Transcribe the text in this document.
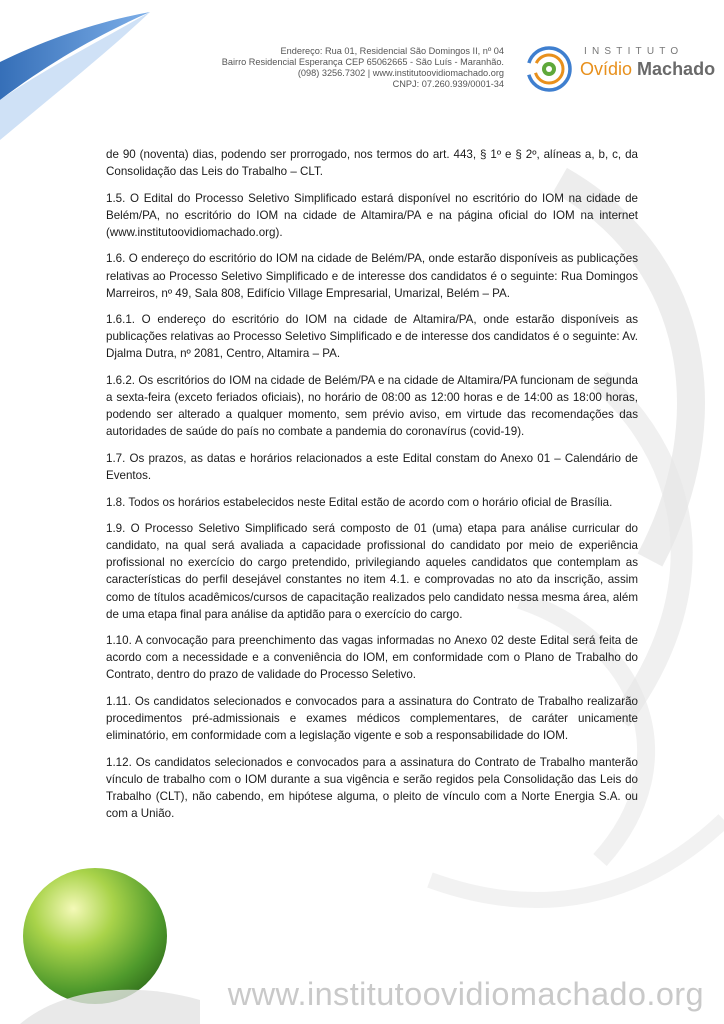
Endereço: Rua 01, Residencial São Domingos II, nº 04
Bairro Residencial Esperança CEP 65062665 - São Luís - Maranhão.
(098) 3256.7302 | www.institutoovidiomachado.org
CNPJ: 07.260.939/0001-34
INSTITUTO
Ovídio Machado

de 90 (noventa) dias, podendo ser prorrogado, nos termos do art. 443, § 1º e § 2º, alíneas a, b, c, da Consolidação das Leis do Trabalho – CLT.

1.5. O Edital do Processo Seletivo Simplificado estará disponível no escritório do IOM na cidade de Belém/PA, no escritório do IOM na cidade de Altamira/PA e na página oficial do IOM na internet (www.institutoovidiomachado.org).

1.6. O endereço do escritório do IOM na cidade de Belém/PA, onde estarão disponíveis as publicações relativas ao Processo Seletivo Simplificado e de interesse dos candidatos é o seguinte: Rua Domingos Marreiros, nº 49, Sala 808, Edifício Village Empresarial, Umarizal, Belém – PA.

1.6.1. O endereço do escritório do IOM na cidade de Altamira/PA, onde estarão disponíveis as publicações relativas ao Processo Seletivo Simplificado e de interesse dos candidatos é o seguinte: Av. Djalma Dutra, nº 2081, Centro, Altamira – PA.

1.6.2. Os escritórios do IOM na cidade de Belém/PA e na cidade de Altamira/PA funcionam de segunda a sexta-feira (exceto feriados oficiais), no horário de 08:00 as 12:00 horas e de 14:00 as 18:00 horas, podendo ser alterado a qualquer momento, sem prévio aviso, em virtude das recomendações das autoridades de saúde do país no combate a pandemia do coronavírus (covid-19).

1.7. Os prazos, as datas e horários relacionados a este Edital constam do Anexo 01 – Calendário de Eventos.

1.8. Todos os horários estabelecidos neste Edital estão de acordo com o horário oficial de Brasília.

1.9. O Processo Seletivo Simplificado será composto de 01 (uma) etapa para análise curricular do candidato, na qual será avaliada a capacidade profissional do candidato por meio de experiência profissional no exercício do cargo pretendido, privilegiando aqueles candidatos que contemplam as características do perfil desejável constantes no item 4.1. e comprovadas no ato da inscrição, assim como de títulos acadêmicos/cursos de capacitação realizados pelo candidato nessa mesma área, além de uma etapa final para análise da aptidão para o exercício do cargo.

1.10. A convocação para preenchimento das vagas informadas no Anexo 02 deste Edital será feita de acordo com a necessidade e a conveniência do IOM, em conformidade com o Plano de Trabalho do Contrato, dentro do prazo de validade do Processo Seletivo.

1.11. Os candidatos selecionados e convocados para a assinatura do Contrato de Trabalho realizarão procedimentos pré-admissionais e exames médicos complementares, de caráter unicamente eliminatório, em conformidade com a legislação vigente e sob a responsabilidade do IOM.

1.12. Os candidatos selecionados e convocados para a assinatura do Contrato de Trabalho manterão vínculo de trabalho com o IOM durante a sua vigência e serão regidos pela Consolidação das Leis do Trabalho (CLT), não cabendo, em hipótese alguma, o pleito de vínculo com a Norte Energia S.A. ou com a União.

www.institutoovidiomachado.org
